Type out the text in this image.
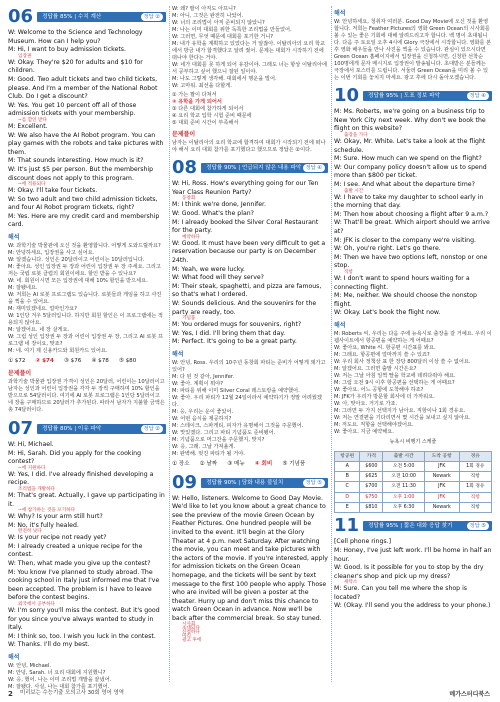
06	정답률 85% | 수치 계산	정답 ②

W: Welcome to the Science and Technology Museum. How can I help you?

M: Hi, I want to buy admission tickets.

입장권

W: Okay. They're $20 for adults and $10 for children.

M: Good. Two adult tickets and two child tickets, please. And I'm a member of the National Robot Club. Do I get a discount?

W: Yes. You get 10 percent off all of those admission tickets with your membership.

~를 할인 받다

M: Excellent.

W: We also have the AI Robot program. You can play games with the robots and take pictures with them.

M: That sounds interesting. How much is it?

W: It's just $5 per person. But the membership discount does not apply to this program.

~에 적용되다

M: Okay. I'll take four tickets.

W: So two adult and two child admission tickets, and four AI Robot program tickets, right?

M: Yes. Here are my credit card and membership card.

해석

W: 과학기술 박물관에 오신 것을 환영합니다. 어떻게 도와드릴까요?

M: 안녕하세요, 입장권을 사고 싶어요.

W: 알겠습니다. 성인은 20달러이고 어린이는 10달러입니다.

M: 좋아요. 성인 입장권 두 장과 어린이 입장권 두 장 주세요. 그리고 저는 국립 로봇 클럽의 회원이에요. 할인 받을 수 있나요?

W: 네. 회원이시면 모든 입장권에 대해 10% 할인을 받으세요.

M: 잘됐네요.

W: 저희는 AI 로봇 프로그램도 있습니다. 로봇들과 게임을 하고 사진을 찍을 수 있어요.

M: 재미있겠네요. 얼마인가요?

W: 1인당 겨우 5달러입니다. 하지만 회원 할인은 이 프로그램에는 적용되지 않아요.

M: 알겠어요. 네 장 살게요.

W: 그럼 성인 입장권 두 장과 어린이 입장권 두 장, 그리고 AI 로봇 프로그램 네 장이요, 맞죠?

M: 네. 여기 제 신용카드와 회원카드 있어요.

① $72 ② $74 ③ $76 ④ $78 ⑤ $80
문제풀이
과학기술 박물관 입장권 가격이 성인은 20달러, 어린이는 10달러이고 남자는 성인과 어린이 입장권을 각각 두 장씩 구매하며 10% 할인을 받으므로 54달러이다. 여기에 AI 로봇 프로그램은 1인당 5달러이고 네 장을 구매하므로 20달러가 추가된다. 따라서 남자가 지불할 금액은 총 74달러이다.
07	정답률 80% | 이유 파악	정답 ②

W: Hi, Michael.

M: Hi, Sarah. Did you apply for the cooking contest?

~에 지원하다

W: Yes, I did. I've already finished developing a recipe.

조리법을 개발하다

M: That's great. Actually, I gave up participating in it.

~에 참가하는 것을 포기하다

W: Why? Is your arm still hurt?

M: No, it's fully healed.

완전히 낫다

W: Is your recipe not ready yet?

M: I already created a unique recipe for the contest.

W: Then, what made you give up the contest?

M: You know I've planned to study abroad. The cooking school in Italy just informed me that I've been accepted. The problem is I have to leave before the contest begins.

외국에서 공부하다

W: I'm sorry you'll miss the contest. But it's good for you since you've always wanted to study in Italy.

M: I think so, too. I wish you luck in the contest.

W: Thanks. I'll do my best.

해석

W: 안녕, Michael.

M: 안녕, Sarah. 너 요리 대회에 지원했니?

W: 응, 했어. 나는 이미 조리법 개발을 끝냈어.

M: 잘됐다. 사실, 나는 대회 참가를 포기했어.

W: 왜? 팔이 아직도 아프니?

M: 아니, 그것은 완전히 나았어.

W: 너의 조리법이 아직 준비되지 않았니?

M: 나는 이미 대회를 위한 독특한 조리법을 만들었어.

W: 그러면, 무엇 때문에 대회를 포기한 거니?

M: 내가 유학을 계획하고 있었다는 거 알잖아. 이탈리아의 요리 학교에서 방금 내가 합격했다고 알려 줬어. 문제는 대회가 시작하기 전에 떠나야 한다는 거야.

W: 네가 대회를 못 하게 되어 유감이야. 그래도 너는 항상 이탈리아에서 공부하고 싶어 했으니 잘된 일이야.

M: 나도 그렇게 생각해. 대회에서 행운을 빌어.

W: 고마워. 최선을 다할게.

① 가는 팔이 다쳐서

② 유학을 가게 되어서

③ 다른 대회에 참가하게 되어서

④ 요리 학교 입학 시험 준비 때문에

⑤ 대회 준비 시간이 부족해서

문제풀이
남자는 이탈리아의 요리 학교에 합격하여 대회가 시작되기 전에 떠나야 해서 요리 대회 참가를 포기했다고 했으므로 정답은 ②이다.
08	정답률 90% | 언급되지 않은 내용 파악 정답 ④

W: Hi, Ross. How's everything going for our Ten Year Class Reunion Party?

동창회

M: I think we're done, Jennifer.

W: Good. What's the plan?

M: I already booked the Silver Coral Restaurant for the party.

예약하다

W: Good. It must have been very difficult to get a reservation because our party is on December 24th.

M: Yeah, we were lucky.

W: What food will they serve?

M: Their steak, spaghetti, and pizza are famous, so that's what I ordered.

W: Sounds delicious. And the souvenirs for the party are ready, too.

기념품

M: You ordered mugs for souvenirs, right?

W: Yes, I did. I'll bring them that day.

M: Perfect. It's going to be a great party.

해석

W: 안녕, Ross. 우리의 10주년 동창회 파티는 준비가 어떻게 돼가고 있어?

M: 다 된 것 같아, Jennifer.

W: 좋아. 계획이 뭐야?

M: 파티를 위해 이미 Silver Coral 레스토랑을 예약했어.

W: 좋아. 우리 파티가 12월 24일이라서 예약하기가 정말 어려웠겠다.

M: 응, 우리는 운이 좋았어.

W: 어떤 음식을 제공하지?

M: 스테이크, 스파게티, 피자가 유명해서 그것을 주문했어.

W: 맛있겠다. 그리고 파티 기념품도 준비됐어.

M: 기념품으로 머그잔을 주문했지, 맞지?

W: 응, 그래. 그날 가져올게.

M: 완벽해. 멋진 파티가 될 거야.

① 장소 ② 날짜 ③ 메뉴 ④ 회비 ⑤ 기념품
09	정답률 90% | 담화 내용 불일치	정답 ⑤

W: Hello, listeners. Welcome to Good Day Movie. We'd like to let you know about a great chance to see the preview of the movie Green Ocean by Feather Pictures. One hundred people will be invited to the event. It'll begin at the Glory Theater at 4 p.m. next Saturday. After watching the movie, you can meet and take pictures with the actors of the movie. If you're interested, apply for admission tickets on the Green Ocean homepage, and the tickets will be sent by text message to the first 100 people who apply. Those who are invited will be given a poster at the theater. Hurry up and don't miss this chance to watch Green Ocean in advance. Now we'll be back after the commercial break. So stay tuned.

시사회
초대되다
신청하다
미리
광고 후에
해석
W: 안녕하세요, 청취자 여러분. Good Day Movie에 오신 것을 환영합니다. 저희는 Feather Pictures의 영화 Green Ocean의 시사회를 볼 수 있는 좋은 기회에 대해 알려드리고자 합니다. 백 명이 초대됩니다. 다음 주 토요일 오후 4시에 Glory 극장에서 시작합니다. 영화를 본 후 영화 배우들을 만나 사진을 찍을 수 있습니다. 관심이 있으시다면 Green Ocean 홈페이지에서 입장권을 신청하시면, 신청한 선착순 100명에게 문자 메시지로 입장권이 발송됩니다. 초대받은 분들께는 극장에서 포스터를 드립니다. 서둘러 Green Ocean을 미리 볼 수 있는 이번 기회를 놓치지 마세요. 광고 후에 다시 돌아오겠습니다.
10	정답률 95% | 도표 정보 파악	정답 ④

M: Ms. Roberts, we're going on a business trip to New York City next week. Why don't we book the flight on this website?

출장을 가다

W: Okay, Mr. White. Let's take a look at the flight schedule.

M: Sure. How much can we spend on the flight?

W: Our company policy doesn't allow us to spend more than $800 per ticket.

M: I see. And what about the departure time?

출발 시간

W: I have to take my daughter to school early in the morning that day.

M: Then how about choosing a flight after 9 a.m.?

W: That'll be great. Which airport should we arrive at?

M: JFK is closer to the company we're visiting.

W: Oh, you're right. Let's go there.

M: Then we have two options left, nonstop or one stop.

직항

W: I don't want to spend hours waiting for a connecting flight.

M: Me, neither. We should choose the nonstop flight.

W: Okay. Let's book the flight now.

해석

M: Roberts 씨, 우리는 다음 주에 뉴욕시로 출장을 갈 거예요. 우리 이 웹사이트에서 항공편을 예약하는 게 어때요?

W: 좋아요, White 씨. 항공편 시간표를 봐요.

M: 그래요. 항공편에 얼마까지 쓸 수 있죠?

W: 우리 회사 정책상 표 한 장당 800달러 이상 쓸 수 없어요.

M: 알겠어요. 그러면 출발 시간은요?

W: 저는 그날 아침 일찍 딸을 학교에 데려다줘야 해요.

M: 그럼 오전 9시 이후 항공편을 선택하는 게 어때요?

W: 좋아요. 어느 공항에 도착해야 하죠?

M: JFK가 우리가 방문할 회사에 더 가까워요.

W: 아, 맞아요. 거기로 가죠.

M: 그러면 두 가지 선택지가 남아요. 직항이나 1회 경유요.

W: 저는 연결편을 기다리면서 몇 시간을 보내고 싶지 않아요.

M: 저도요. 직항을 선택해야겠어요.

W: 좋아요. 지금 예약해요.

뉴욕시 비행기 스케줄
항공편	가격	출발 시간	도착 공항	경유
A	$600	오전 5:00	JFK	1회 경유
B	$625	오전 10:00	Newark	직항
C	$700	오전 11:30	JFK	1회 경유
D	$750	오후 1:00	JFK	직항
E	$810	오후 6:30	Newark	직항
11	정답률 95% | 짧은 대화 응답 찾기	정답 ⑤

[Cell phone rings.]

M: Honey, I've just left work. I'll be home in half an hour.

W: Good. Is it possible for you to stop by the dry cleaner's shop and pick up my dress?

세탁소

M: Sure. Can you tell me where the shop is located?

W: (Okay. I'll send you the address to your phone.)

2 미리보는 수능기출 모의고사 30회 영어 영역	메가스터디북스
